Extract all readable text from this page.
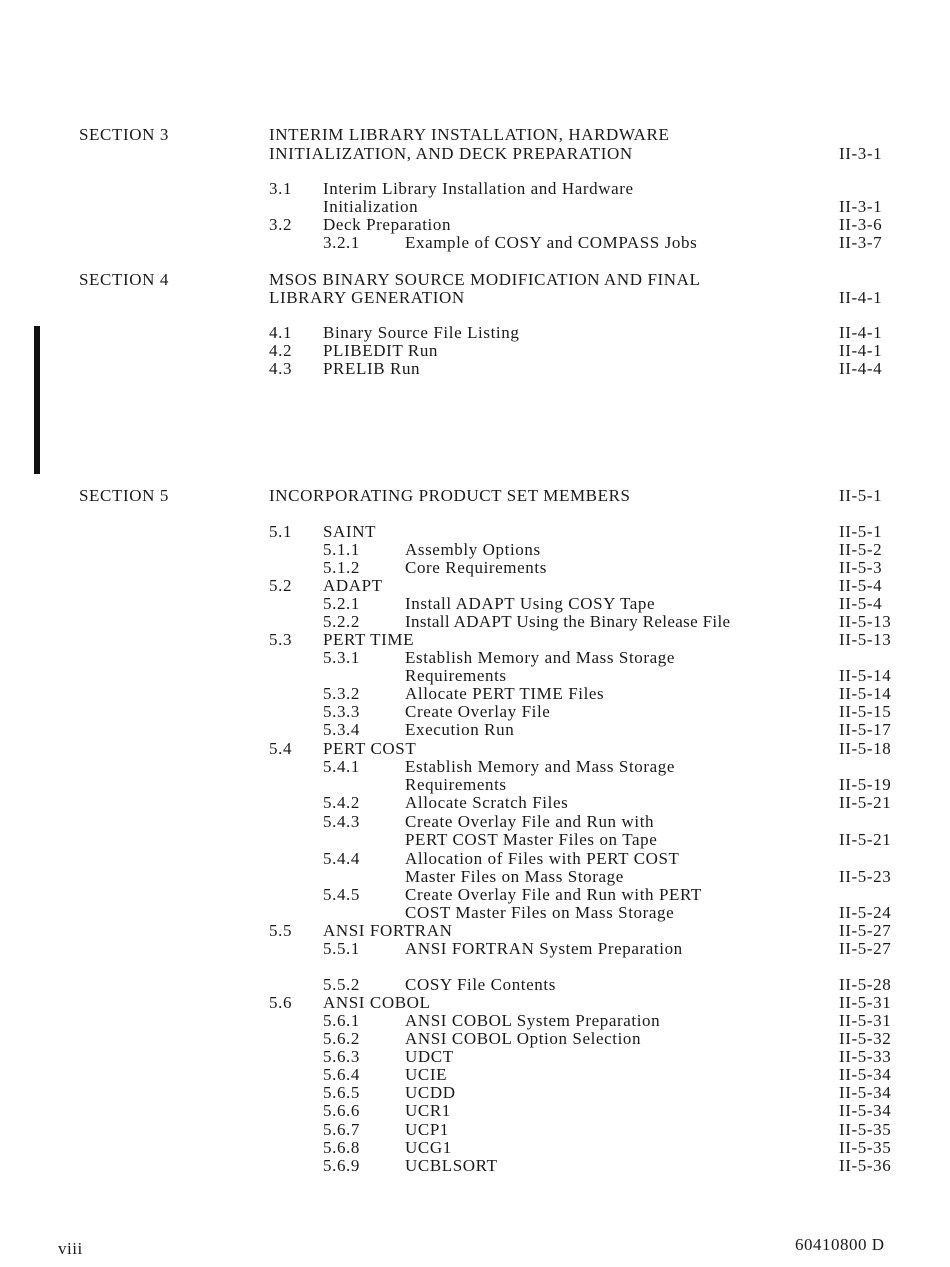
SECTION 3	INTERIM LIBRARY INSTALLATION, HARDWARE
INITIALIZATION, AND DECK PREPARATION	II-3-1
3.1 Interim Library Installation and Hardware
Initialization	II-3-1
3.2 Deck Preparation	II-3-6
3.2.1	Example of COSY and COMPASS Jobs	II-3-7
SECTION 4	MSOS BINARY SOURCE MODIFICATION AND FINAL
LIBRARY GENERATION	II-4-1
4.1 Binary Source File Listing	II-4-1
4.2 PLIBEDIT Run	II-4-1
4.3 PRELIB Run	II-4-4
SECTION 5	INCORPORATING PRODUCT SET MEMBERS	II-5-1
5.1 SAINT	II-5-1
5.1.1	Assembly Options	II-5-2
5.1.2	Core Requirements	II-5-3
5.2 ADAPT	II-5-4
5.2.1	Install ADAPT Using COSY Tape	II-5-4
5.2.2	Install ADAPT Using the Binary Release File	II-5-13
5.3 PERT TIME	II-5-13
5.3.1	Establish Memory and Mass Storage
Requirements	II-5-14
5.3.2	Allocate PERT TIME Files	II-5-14
5.3.3	Create Overlay File	II-5-15
5.3.4	Execution Run	II-5-17
5.4 PERT COST	II-5-18
5.4.1	Establish Memory and Mass Storage
Requirements	II-5-19
5.4.2	Allocate Scratch Files	II-5-21
5.4.3	Create Overlay File and Run with
PERT COST Master Files on Tape	II-5-21
5.4.4	Allocation of Files with PERT COST
Master Files on Mass Storage	II-5-23
5.4.5	Create Overlay File and Run with PERT
COST Master Files on Mass Storage	II-5-24
5.5 ANSI FORTRAN	II-5-27
5.5.1	ANSI FORTRAN System Preparation	II-5-27
5.5.2	COSY File Contents	II-5-28
5.6 ANSI COBOL	II-5-31
5.6.1	ANSI COBOL System Preparation	II-5-31
5.6.2	ANSI COBOL Option Selection	II-5-32
5.6.3	UDCT	II-5-33
5.6.4	UCIE	II-5-34
5.6.5	UCDD	II-5-34
5.6.6	UCR1	II-5-34
5.6.7	UCP1	II-5-35
5.6.8	UCG1	II-5-35
5.6.9	UCBLSORT	II-5-36
viii	60410800 D
